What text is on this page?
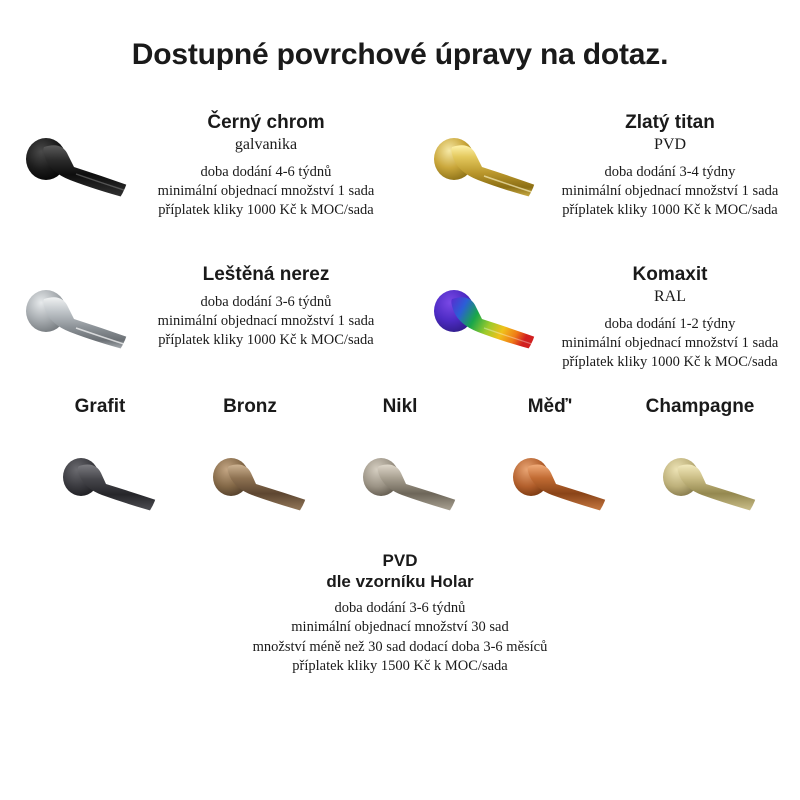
Dostupné povrchové úpravy na dotaz.
Černý chrom
galvanika
doba dodání 4-6 týdnů
minimální objednací množství 1 sada
příplatek kliky 1000 Kč k MOC/sada
Zlatý titan
PVD
doba dodání 3-4 týdny
minimální objednací množství 1 sada
příplatek kliky 1000 Kč k MOC/sada
Leštěná nerez
doba dodání 3-6 týdnů
minimální objednací množství 1 sada
příplatek kliky 1000 Kč k MOC/sada
Komaxit
RAL
doba dodání 1-2 týdny
minimální objednací množství 1 sada
příplatek kliky 1000 Kč k MOC/sada
Grafit	Bronz	Nikl	Měď'	Champagne
PVD
dle vzorníku Holar
doba dodání 3-6 týdnů
minimální objednací množství 30 sad
množství méně než 30 sad dodací doba 3-6 měsíců
příplatek kliky 1500 Kč k MOC/sada
